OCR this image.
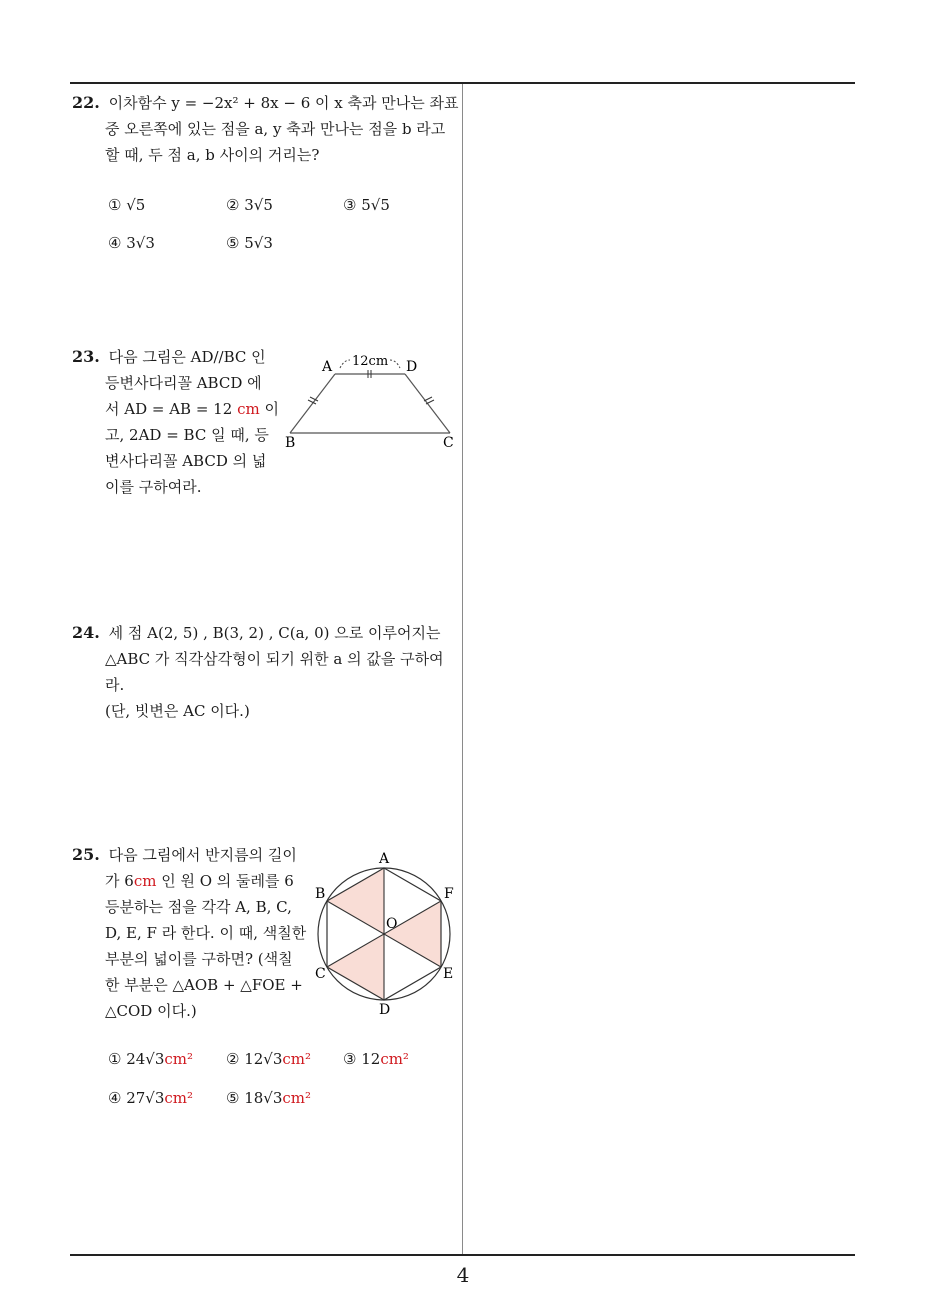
4
22. 이차함수 y = −2x² + 8x − 6 이 x 축과 만나는 좌표
중 오른쪽에 있는 점을 a, y 축과 만나는 점을 b 라고
할 때, 두 점 a, b 사이의 거리는?
① √5	② 3√5	③ 5√5
④ 3√3	⑤ 5√3
23. 다음 그림은 AD//BC 인
등변사다리꼴 ABCD 에
서 AD = AB = 12 cm 이
고, 2AD = BC 일 때, 등
변사다리꼴 ABCD 의 넓
이를 구하여라.
A	D
B	C
12cm
24. 세 점 A(2, 5) , B(3, 2) , C(a, 0) 으로 이루어지는
△ABC 가 직각삼각형이 되기 위한 a 의 값을 구하여
라.
(단, 빗변은 AC 이다.)
25. 다음 그림에서 반지름의 길이
가 6cm 인 원 O 의 둘레를 6
등분하는 점을 각각 A, B, C,
D, E, F 라 한다. 이 때, 색칠한
부분의 넓이를 구하면? (색칠
한 부분은 △AOB + △FOE +
△COD 이다.)
A
B
C
D
E
F
O
① 24√3cm² ② 12√3cm² ③ 12cm²
④ 27√3cm² ⑤ 18√3cm²
